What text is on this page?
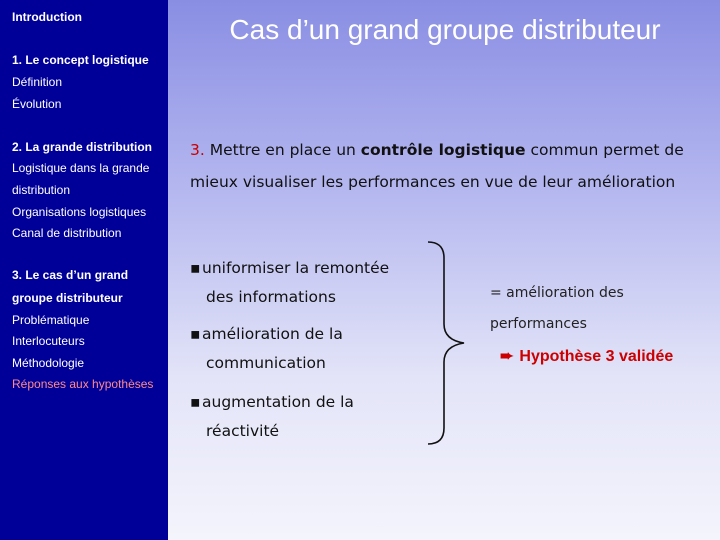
Introduction
1. Le concept logistique
Définition
Évolution
2. La grande distribution
Logistique dans la grande
distribution
Organisations logistiques
Canal de distribution
3. Le cas d’un grand
groupe distributeur
Problématique
Interlocuteurs
Méthodologie
Réponses aux hypothèses
Cas d’un grand groupe distributeur
3. Mettre en place un contrôle logistique commun permet de mieux visualiser les performances en vue de leur amélioration
▪uniformiser la remontée
des informations
▪amélioration de la
communication
▪augmentation de la
réactivité
= amélioration des
performances
➨ Hypothèse 3 validée
